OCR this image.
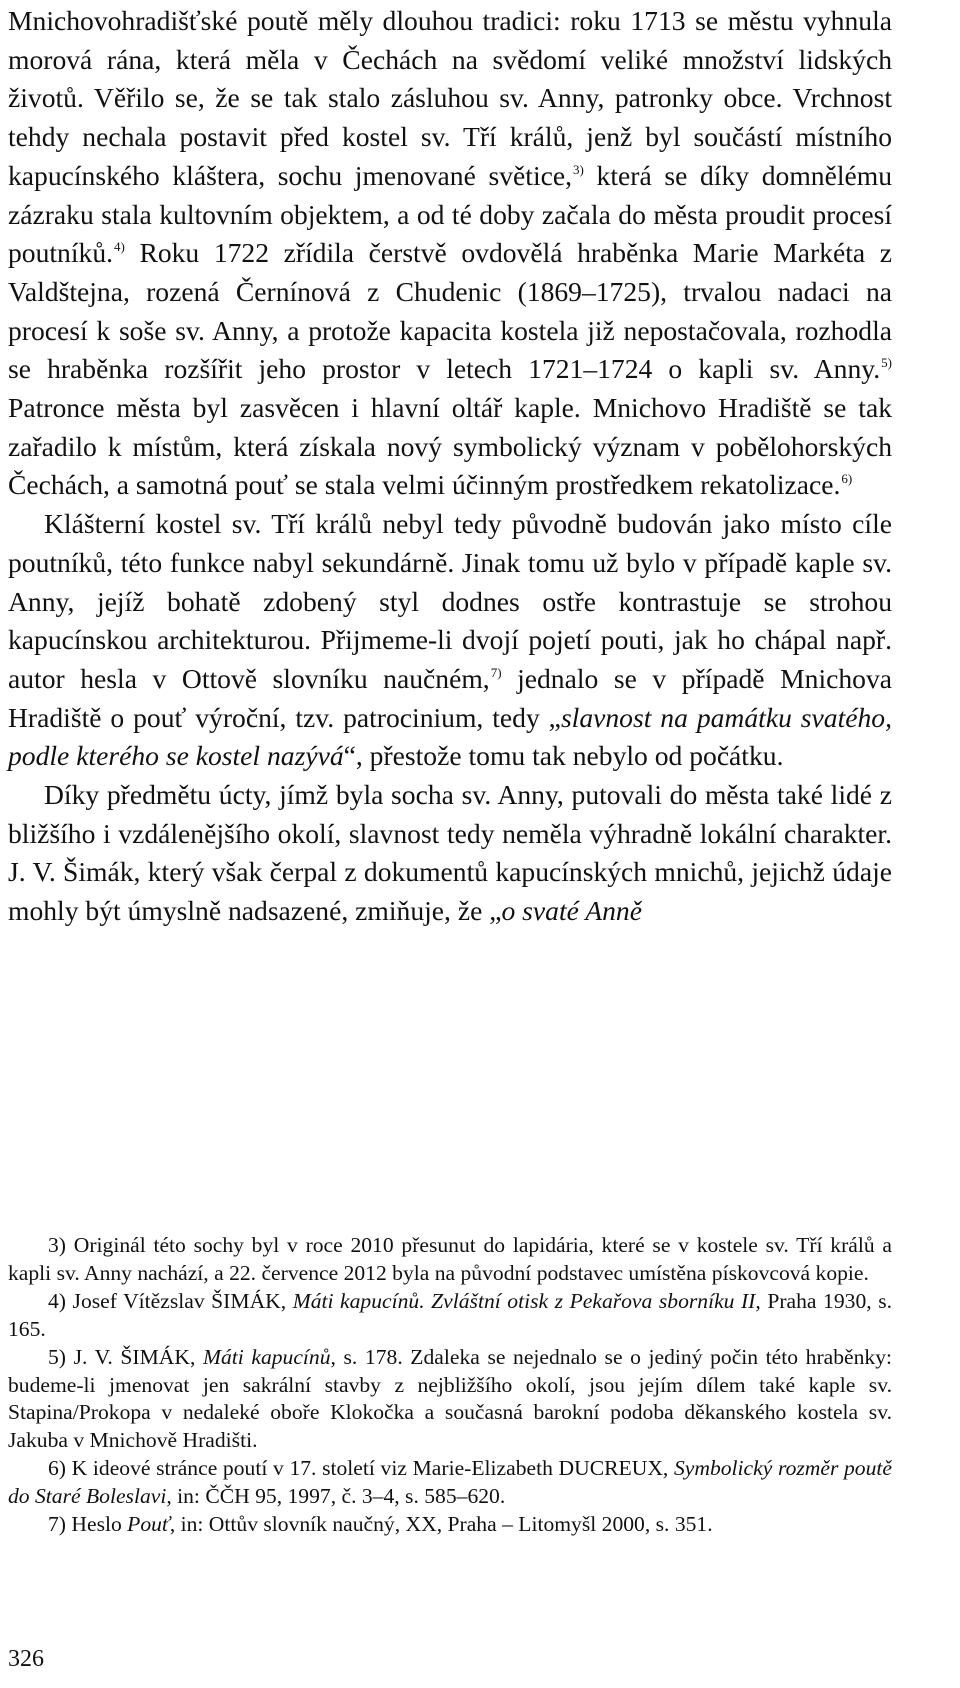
Mnichovohradišťské poutě měly dlouhou tradici: roku 1713 se městu vyhnula morová rána, která měla v Čechách na svědomí veliké množství lidských životů. Věřilo se, že se tak stalo zásluhou sv. Anny, patronky obce. Vrchnost tehdy nechala postavit před kostel sv. Tří králů, jenž byl součástí místního kapucínského kláštera, sochu jmenované světice,$^{3)}$ která se díky domnělému zázraku stala kultovním objektem, a od té doby začala do města proudit procesí poutníků.$^{4)}$ Roku 1722 zřídila čerstvě ovdovělá hraběnka Marie Markéta z Valdštejna, rozená Černínová z Chudenic (1869–1725), trvalou nadaci na procesí k soše sv. Anny, a protože kapacita kostela již nepostačovala, rozhodla se hraběnka rozšířit jeho prostor v letech 1721–1724 o kapli sv. Anny.$^{5)}$ Patronce města byl zasvěcen i hlavní oltář kaple. Mnichovo Hradiště se tak zařadilo k místům, která získala nový symbolický význam v pobělohorských Čechách, a samotná pouť se stala velmi účinným prostředkem rekatolizace.$^{6)}$

Klášterní kostel sv. Tří králů nebyl tedy původně budován jako místo cíle poutníků, této funkce nabyl sekundárně. Jinak tomu už bylo v případě kaple sv. Anny, jejíž bohatě zdobený styl dodnes ostře kontrastuje se strohou kapucínskou architekturou. Přijmeme-li dvojí pojetí pouti, jak ho chápal např. autor hesla v Ottově slovníku naučném,$^{7)}$ jednalo se v případě Mnichova Hradiště o pouť výroční, tzv. patrocinium, tedy „slavnost na památku svatého, podle kterého se kostel nazývá“, přestože tomu tak nebylo od počátku.

Díky předmětu úcty, jímž byla socha sv. Anny, putovali do města také lidé z bližšího i vzdálenějšího okolí, slavnost tedy neměla výhradně lokální charakter. J. V. Šimák, který však čerpal z dokumentů kapucínských mnichů, jejichž údaje mohly být úmyslně nadsazené, zmiňuje, že „o svaté Anně

3) Originál této sochy byl v roce 2010 přesunut do lapidária, které se v kostele sv. Tří králů a kapli sv. Anny nachází, a 22. července 2012 byla na původní podstavec umístěna pískovcová kopie.

4) Josef Vítězslav ŠIMÁK, Máti kapucínů. Zvláštní otisk z Pekařova sborníku II, Praha 1930, s. 165.

5) J. V. ŠIMÁK, Máti kapucínů, s. 178. Zdaleka se nejednalo se o jediný počin této hraběnky: budeme-li jmenovat jen sakrální stavby z nejbližšího okolí, jsou jejím dílem také kaple sv. Stapina/Prokopa v nedaleké oboře Klokočka a současná barokní podoba děkanského kostela sv. Jakuba v Mnichově Hradišti.

6) K ideové stránce poutí v 17. století viz Marie-Elizabeth DUCREUX, Symbolický rozměr poutě do Staré Boleslavi, in: ČČH 95, 1997, č. 3–4, s. 585–620.

7) Heslo Pouť, in: Ottův slovník naučný, XX, Praha – Litomyšl 2000, s. 351.

326
